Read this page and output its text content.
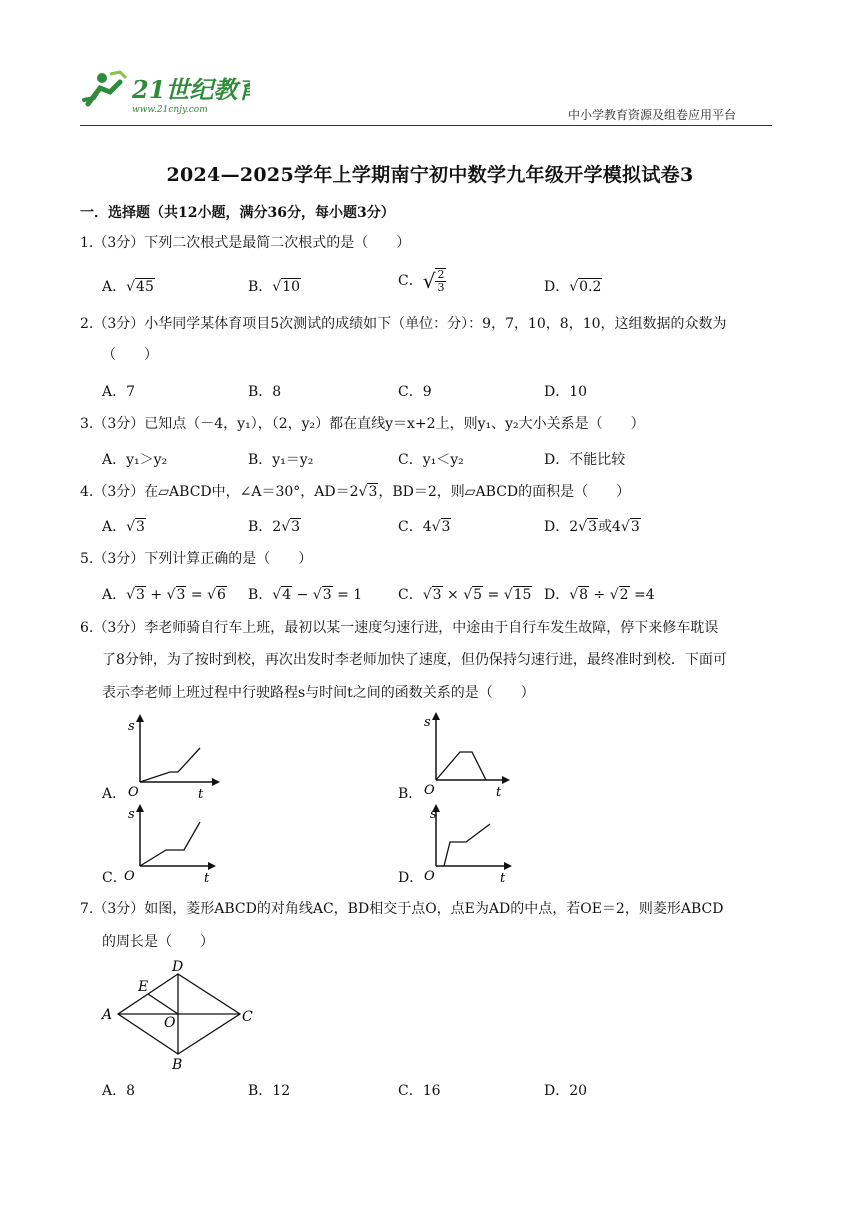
21世纪教育
www.21cnjy.com	中小学教育资源及组卷应用平台
2024—2025学年上学期南宁初中数学九年级开学模拟试卷3
一．选择题（共12小题，满分36分，每小题3分）
1.（3分）下列二次根式是最简二次根式的是（　　）
A．√45	B．√10	C．√ $\frac{2}{3}$	D．√0.2
2.（3分）小华同学某体育项目5次测试的成绩如下（单位：分）：9，7，10，8，10，这组数据的众数为
（　　）
A．7	B．8	C．9	D．10
3.（3分）已知点（－4，y₁），（2，y₂）都在直线y＝x+2上，则y₁、y₂大小关系是（　　）
A．y₁＞y₂	B．y₁＝y₂	C．y₁＜y₂	D．不能比较
4.（3分）在▱ABCD中，∠A＝30°，AD＝2√3，BD＝2，则▱ABCD的面积是（　　）
A．√3	B．2√3	C．4√3	D．2√3或4√3
5.（3分）下列计算正确的是（　　）
A．√3 + √3 = √6 B．√4 − √3 = 1	C．√3 × √5 = √15 D．√8 ÷ √2 =4
6.（3分）李老师骑自行车上班，最初以某一速度匀速行进，中途由于自行车发生故障，停下来修车耽误
了8分钟，为了按时到校，再次出发时李老师加快了速度，但仍保持匀速行进，最终准时到校．下面可
表示李老师上班过程中行驶路程s与时间t之间的函数关系的是（　　）
A．
s
t
O	B．
s
t
O
C．
s
t
O	D．
s
t
O
7.（3分）如图，菱形ABCD的对角线AC，BD相交于点O，点E为AD的中点，若OE＝2，则菱形ABCD
的周长是（　　）
A
D
C
B
E
O
A．8	B．12	C．16	D．20
